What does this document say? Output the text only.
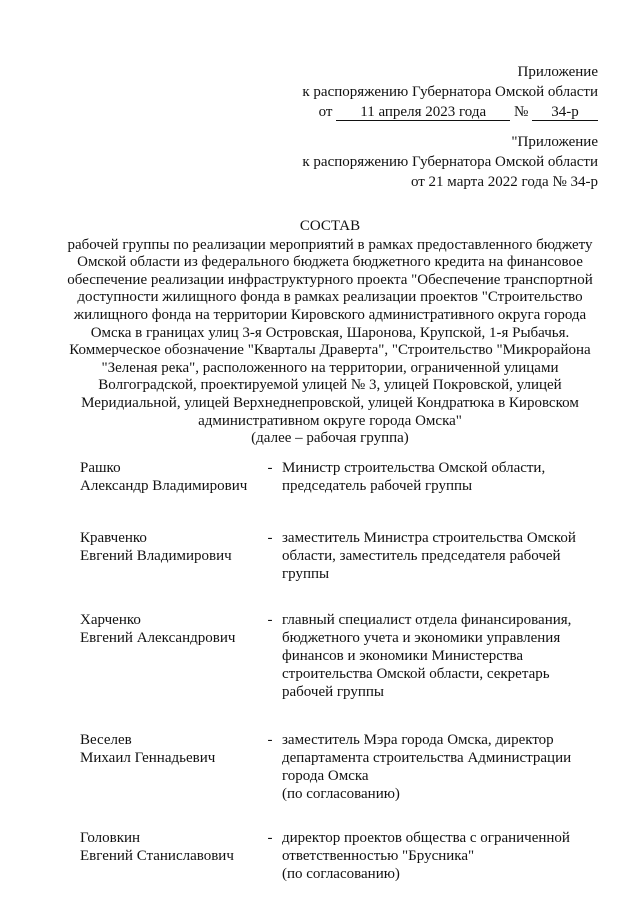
Приложение
к распоряжению Губернатора Омской области
от 11 апреля 2023 года № 34-р
"Приложение
к распоряжению Губернатора Омской области
от 21 марта 2022 года № 34-р
СОСТАВ
рабочей группы по реализации мероприятий в рамках предоставленного бюджету
Омской области из федерального бюджета бюджетного кредита на финансовое
обеспечение реализации инфраструктурного проекта "Обеспечение транспортной
доступности жилищного фонда в рамках реализации проектов "Строительство
жилищного фонда на территории Кировского административного округа города
Омска в границах улиц 3-я Островская, Шаронова, Крупской, 1-я Рыбачья.
Коммерческое обозначение "Кварталы Драверта", "Строительство "Микрорайона
"Зеленая река", расположенного на территории, ограниченной улицами
Волгоградской, проектируемой улицей № 3, улицей Покровской, улицей
Меридиальной, улицей Верхнеднепровской, улицей Кондратюка в Кировском
административном округе города Омска"
(далее – рабочая группа)
Рашко
Александр Владимирович
- Министр строительства Омской области,
председатель рабочей группы
Кравченко
Евгений Владимирович
- заместитель Министра строительства Омской
области, заместитель председателя рабочей
группы
Харченко
Евгений Александрович
- главный специалист отдела финансирования,
бюджетного учета и экономики управления
финансов и экономики Министерства
строительства Омской области, секретарь
рабочей группы
Веселев
Михаил Геннадьевич
- заместитель Мэра города Омска, директор
департамента строительства Администрации
города Омска
(по согласованию)
Головкин
Евгений Станиславович
- директор проектов общества с ограниченной
ответственностью "Брусника"
(по согласованию)
